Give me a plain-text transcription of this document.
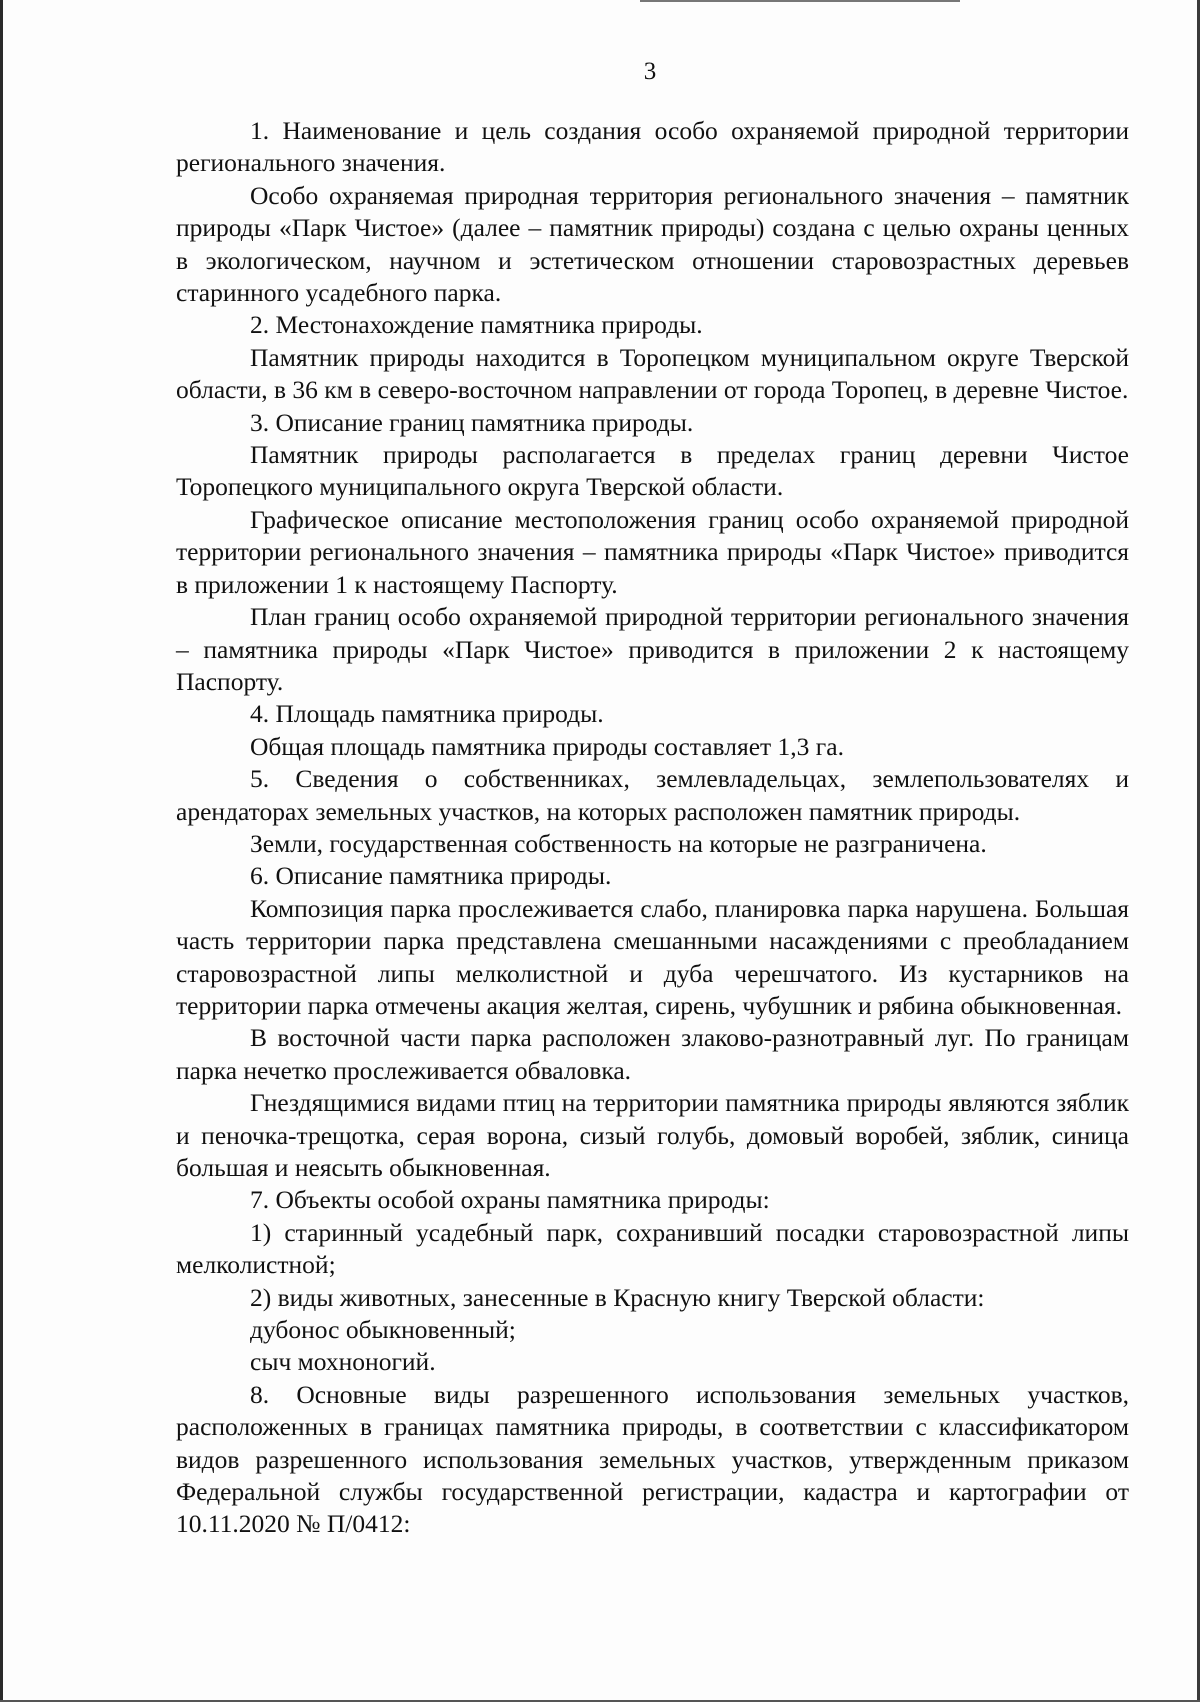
3

1. Наименование и цель создания особо охраняемой природной территории регионального значения.

Особо охраняемая природная территория регионального значения – памятник природы «Парк Чистое» (далее – памятник природы) создана с целью охраны ценных в экологическом, научном и эстетическом отношении старовозрастных деревьев старинного усадебного парка.

2. Местонахождение памятника природы.

Памятник природы находится в Торопецком муниципальном округе Тверской области, в 36 км в северо-восточном направлении от города Торопец, в деревне Чистое.

3. Описание границ памятника природы.

Памятник природы располагается в пределах границ деревни Чистое Торопецкого муниципального округа Тверской области.

Графическое описание местоположения границ особо охраняемой природной территории регионального значения – памятника природы «Парк Чистое» приводится в приложении 1 к настоящему Паспорту.

План границ особо охраняемой природной территории регионального значения – памятника природы «Парк Чистое» приводится в приложении 2 к настоящему Паспорту.

4. Площадь памятника природы.

Общая площадь памятника природы составляет 1,3 га.

5. Сведения о собственниках, землевладельцах, землепользователях и арендаторах земельных участков, на которых расположен памятник природы.

Земли, государственная собственность на которые не разграничена.

6. Описание памятника природы.

Композиция парка прослеживается слабо, планировка парка нарушена. Большая часть территории парка представлена смешанными насаждениями с преобладанием старовозрастной липы мелколистной и дуба черешчатого. Из кустарников на территории парка отмечены акация желтая, сирень, чубушник и рябина обыкновенная.

В восточной части парка расположен злаково-разнотравный луг. По границам парка нечетко прослеживается обваловка.

Гнездящимися видами птиц на территории памятника природы являются зяблик и пеночка-трещотка, серая ворона, сизый голубь, домовый воробей, зяблик, синица большая и неясыть обыкновенная.

7. Объекты особой охраны памятника природы:

1) старинный усадебный парк, сохранивший посадки старовозрастной липы мелколистной;

2) виды животных, занесенные в Красную книгу Тверской области:

дубонос обыкновенный;

сыч мохноногий.

8. Основные виды разрешенного использования земельных участков, расположенных в границах памятника природы, в соответствии с классификатором видов разрешенного использования земельных участков, утвержденным приказом Федеральной службы государственной регистрации, кадастра и картографии от 10.11.2020 № П/0412:
